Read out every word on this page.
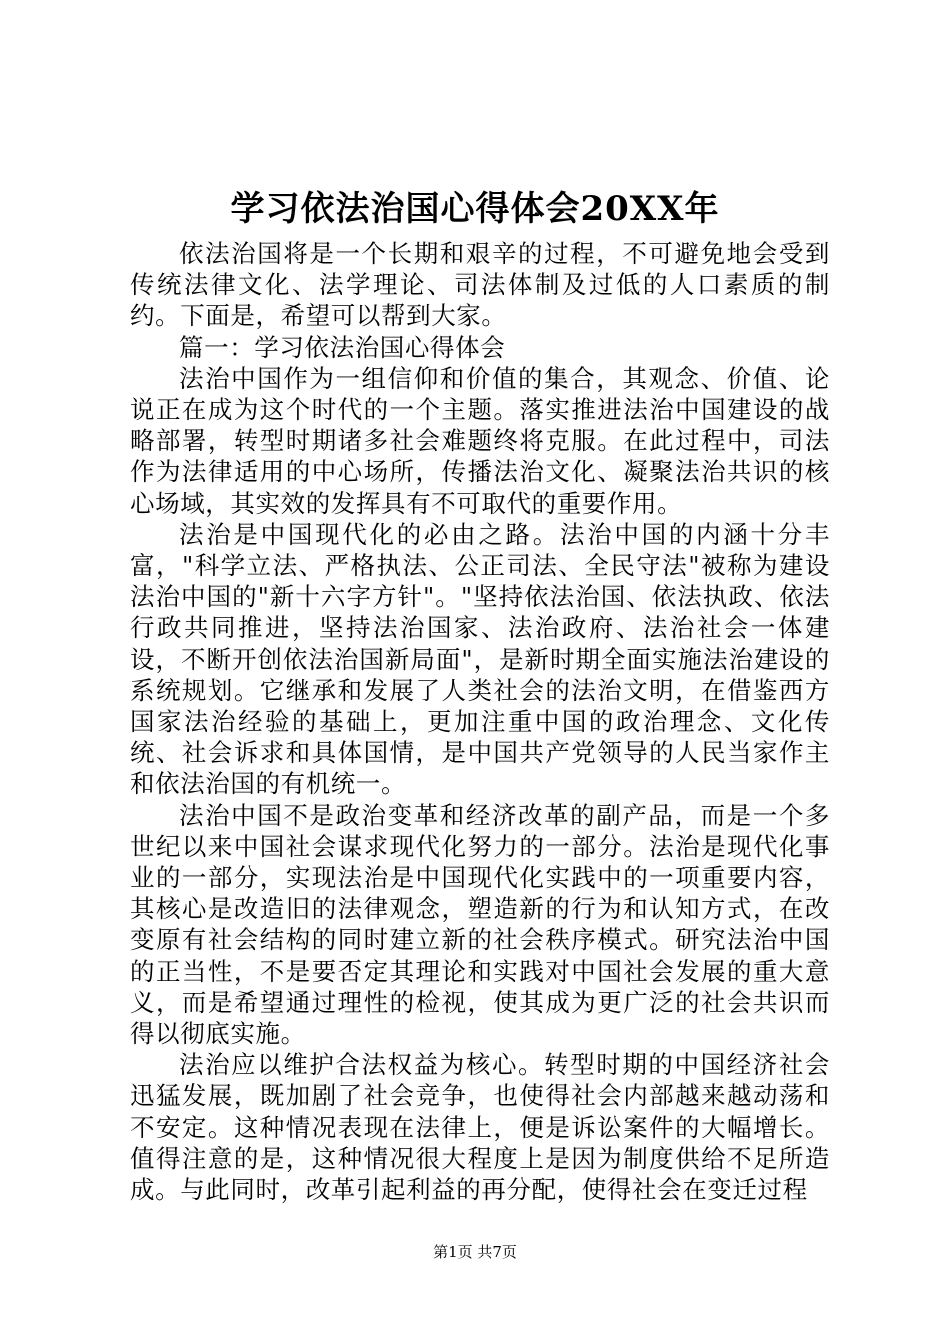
学习依法治国心得体会20XX年

依法治国将是一个长期和艰辛的过程，不可避免地会受到传统法律文化、法学理论、司法体制及过低的人口素质的制约。下面是，希望可以帮到大家。

篇一：学习依法治国心得体会

法治中国作为一组信仰和价值的集合，其观念、价值、论说正在成为这个时代的一个主题。落实推进法治中国建设的战略部署，转型时期诸多社会难题终将克服。在此过程中，司法作为法律适用的中心场所，传播法治文化、凝聚法治共识的核心场域，其实效的发挥具有不可取代的重要作用。

法治是中国现代化的必由之路。法治中国的内涵十分丰富，"科学立法、严格执法、公正司法、全民守法"被称为建设法治中国的"新十六字方针"。"坚持依法治国、依法执政、依法行政共同推进，坚持法治国家、法治政府、法治社会一体建设，不断开创依法治国新局面"，是新时期全面实施法治建设的系统规划。它继承和发展了人类社会的法治文明，在借鉴西方国家法治经验的基础上，更加注重中国的政治理念、文化传统、社会诉求和具体国情，是中国共产党领导的人民当家作主和依法治国的有机统一。

法治中国不是政治变革和经济改革的副产品，而是一个多世纪以来中国社会谋求现代化努力的一部分。法治是现代化事业的一部分，实现法治是中国现代化实践中的一项重要内容，其核心是改造旧的法律观念，塑造新的行为和认知方式，在改变原有社会结构的同时建立新的社会秩序模式。研究法治中国的正当性，不是要否定其理论和实践对中国社会发展的重大意义，而是希望通过理性的检视，使其成为更广泛的社会共识而得以彻底实施。

法治应以维护合法权益为核心。转型时期的中国经济社会迅猛发展，既加剧了社会竞争，也使得社会内部越来越动荡和不安定。这种情况表现在法律上，便是诉讼案件的大幅增长。值得注意的是，这种情况很大程度上是因为制度供给不足所造成。与此同时，改革引起利益的再分配，使得社会在变迁过程

第1页 共7页
